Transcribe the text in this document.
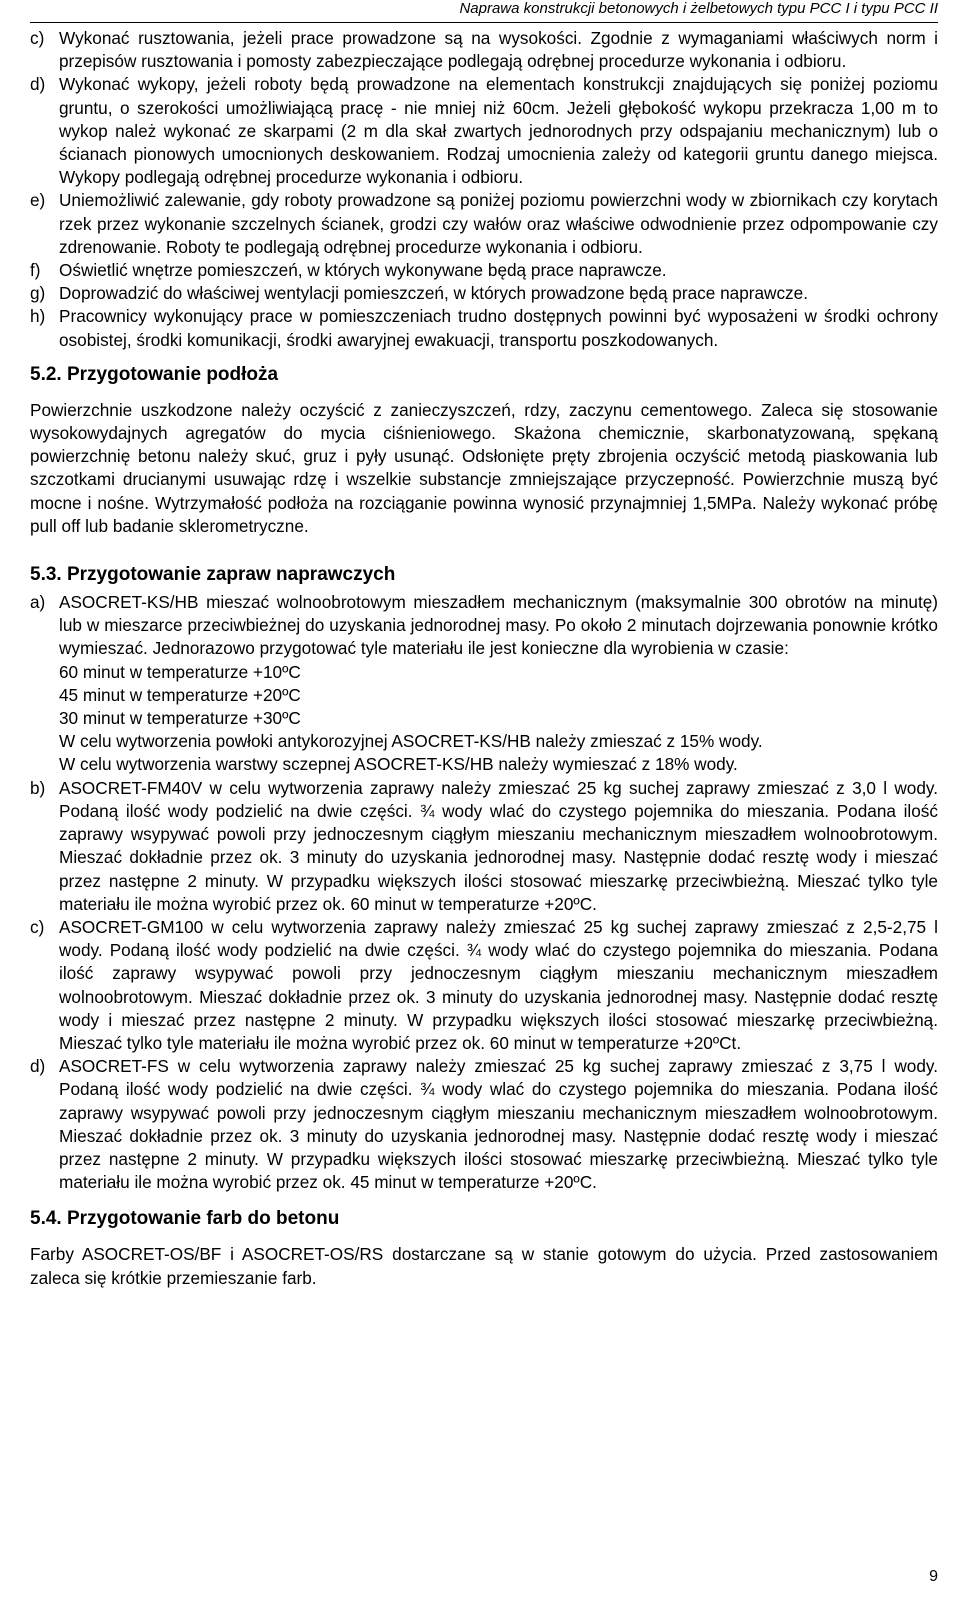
Naprawa konstrukcji betonowych i żelbetowych typu PCC I i typu PCC II
c) Wykonać rusztowania, jeżeli prace prowadzone są na wysokości. Zgodnie z wymaganiami właściwych norm i przepisów rusztowania i pomosty zabezpieczające podlegają odrębnej procedurze wykonania i odbioru.
d) Wykonać wykopy, jeżeli roboty będą prowadzone na elementach konstrukcji znajdujących się poniżej poziomu gruntu, o szerokości umożliwiającą pracę - nie mniej niż 60cm. Jeżeli głębokość wykopu przekracza 1,00 m to wykop należ wykonać ze skarpami (2 m dla skał zwartych jednorodnych przy odspajaniu mechanicznym) lub o ścianach pionowych umocnionych deskowaniem. Rodzaj umocnienia zależy od kategorii gruntu danego miejsca. Wykopy podlegają odrębnej procedurze wykonania i odbioru.
e) Uniemożliwić zalewanie, gdy roboty prowadzone są poniżej poziomu powierzchni wody w zbiornikach czy korytach rzek przez wykonanie szczelnych ścianek, grodzi czy wałów oraz właściwe odwodnienie przez odpompowanie czy zdrenowanie. Roboty te podlegają odrębnej procedurze wykonania i odbioru.
f)	Oświetlić wnętrze pomieszczeń, w których wykonywane będą prace naprawcze.
g) Doprowadzić do właściwej wentylacji pomieszczeń, w których prowadzone będą prace naprawcze.
h) Pracownicy wykonujący prace w pomieszczeniach trudno dostępnych powinni być wyposażeni w środki ochrony osobistej, środki komunikacji, środki awaryjnej ewakuacji, transportu poszkodowanych.
5.2. Przygotowanie podłoża

Powierzchnie uszkodzone należy oczyścić z zanieczyszczeń, rdzy, zaczynu cementowego. Zaleca się stosowanie wysokowydajnych agregatów do mycia ciśnieniowego. Skażona chemicznie, skarbonatyzowaną, spękaną powierzchnię betonu należy skuć, gruz i pyły usunąć. Odsłonięte pręty zbrojenia oczyścić metodą piaskowania lub szczotkami drucianymi usuwając rdzę i wszelkie substancje zmniejszające przyczepność. Powierzchnie muszą być mocne i nośne. Wytrzymałość podłoża na rozciąganie powinna wynosić przynajmniej 1,5MPa. Należy wykonać próbę pull off lub badanie sklerometryczne.

5.3. Przygotowanie zapraw naprawczych
a) ASOCRET-KS/HB mieszać wolnoobrotowym mieszadłem mechanicznym (maksymalnie 300 obrotów na minutę) lub w mieszarce przeciwbieżnej do uzyskania jednorodnej masy. Po około 2 minutach dojrzewania ponownie krótko wymieszać. Jednorazowo przygotować tyle materiału ile jest konieczne dla wyrobienia w czasie:
60 minut w temperaturze +10ºC
45 minut w temperaturze +20ºC
30 minut w temperaturze +30ºC
W celu wytworzenia powłoki antykorozyjnej ASOCRET-KS/HB należy zmieszać z 15% wody.
W celu wytworzenia warstwy sczepnej ASOCRET-KS/HB należy wymieszać z 18% wody.
b) ASOCRET-FM40V w celu wytworzenia zaprawy należy zmieszać 25 kg suchej zaprawy zmieszać z 3,0 l wody. Podaną ilość wody podzielić na dwie części. ¾ wody wlać do czystego pojemnika do mieszania. Podana ilość zaprawy wsypywać powoli przy jednoczesnym ciągłym mieszaniu mechanicznym mieszadłem wolnoobrotowym. Mieszać dokładnie przez ok. 3 minuty do uzyskania jednorodnej masy. Następnie dodać resztę wody i mieszać przez następne 2 minuty. W przypadku większych ilości stosować mieszarkę przeciwbieżną. Mieszać tylko tyle materiału ile można wyrobić przez ok. 60 minut w temperaturze +20ºC.
c) ASOCRET-GM100 w celu wytworzenia zaprawy należy zmieszać 25 kg suchej zaprawy zmieszać z 2,5-2,75 l wody. Podaną ilość wody podzielić na dwie części. ¾ wody wlać do czystego pojemnika do mieszania. Podana ilość zaprawy wsypywać powoli przy jednoczesnym ciągłym mieszaniu mechanicznym mieszadłem wolnoobrotowym. Mieszać dokładnie przez ok. 3 minuty do uzyskania jednorodnej masy. Następnie dodać resztę wody i mieszać przez następne 2 minuty. W przypadku większych ilości stosować mieszarkę przeciwbieżną. Mieszać tylko tyle materiału ile można wyrobić przez ok. 60 minut w temperaturze +20ºCt.
d) ASOCRET-FS w celu wytworzenia zaprawy należy zmieszać 25 kg suchej zaprawy zmieszać z 3,75 l wody. Podaną ilość wody podzielić na dwie części. ¾ wody wlać do czystego pojemnika do mieszania. Podana ilość zaprawy wsypywać powoli przy jednoczesnym ciągłym mieszaniu mechanicznym mieszadłem wolnoobrotowym. Mieszać dokładnie przez ok. 3 minuty do uzyskania jednorodnej masy. Następnie dodać resztę wody i mieszać przez następne 2 minuty. W przypadku większych ilości stosować mieszarkę przeciwbieżną. Mieszać tylko tyle materiału ile można wyrobić przez ok. 45 minut w temperaturze +20ºC.
5.4. Przygotowanie farb do betonu

Farby ASOCRET-OS/BF i ASOCRET-OS/RS dostarczane są w stanie gotowym do użycia. Przed zastosowaniem zaleca się krótkie przemieszanie farb.

9
